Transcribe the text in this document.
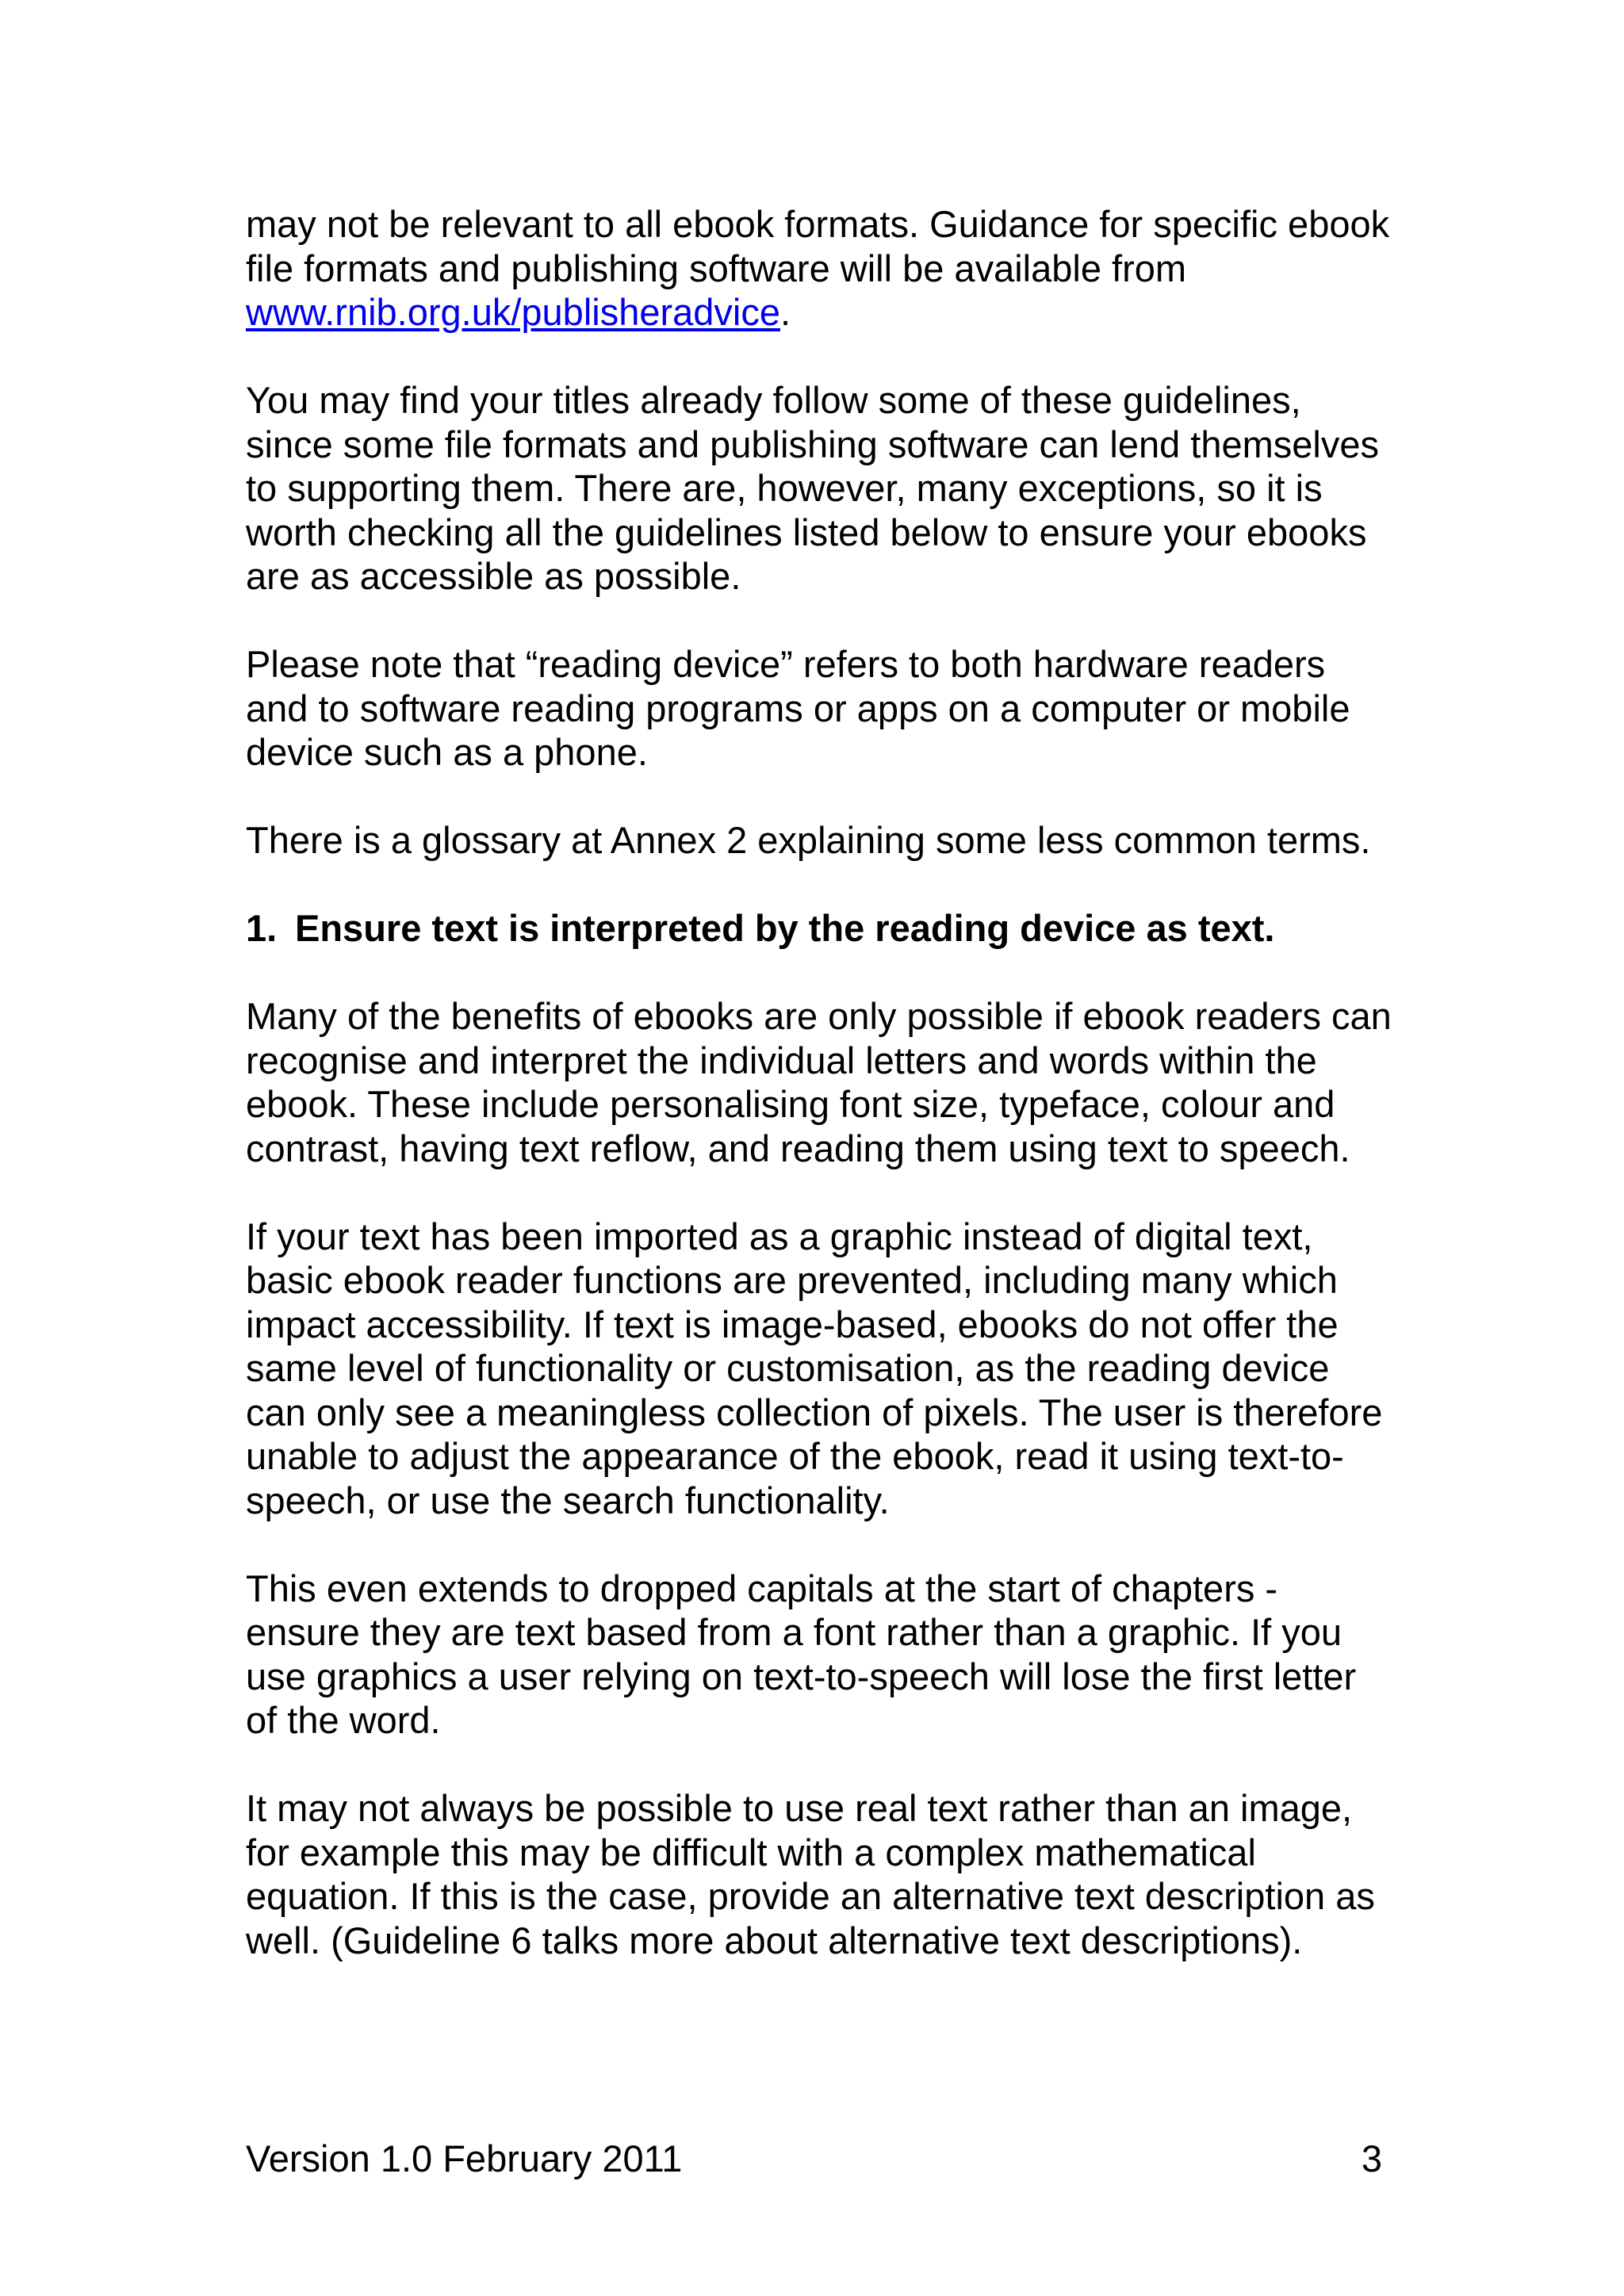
may not be relevant to all ebook formats. Guidance for specific ebook file formats and publishing software will be available from www.rnib.org.uk/publisheradvice.

You may find your titles already follow some of these guidelines, since some file formats and publishing software can lend themselves to supporting them. There are, however, many exceptions, so it is worth checking all the guidelines listed below to ensure your ebooks are as accessible as possible.

Please note that “reading device” refers to both hardware readers and to software reading programs or apps on a computer or mobile device such as a phone.

There is a glossary at Annex 2 explaining some less common terms.

1. Ensure text is interpreted by the reading device as text.

Many of the benefits of ebooks are only possible if ebook readers can recognise and interpret the individual letters and words within the ebook. These include personalising font size, typeface, colour and contrast, having text reflow, and reading them using text to speech.

If your text has been imported as a graphic instead of digital text, basic ebook reader functions are prevented, including many which impact accessibility. If text is image-based, ebooks do not offer the same level of functionality or customisation, as the reading device can only see a meaningless collection of pixels. The user is therefore unable to adjust the appearance of the ebook, read it using text-to-speech, or use the search functionality.

This even extends to dropped capitals at the start of chapters - ensure they are text based from a font rather than a graphic. If you use graphics a user relying on text-to-speech will lose the first letter of the word.

It may not always be possible to use real text rather than an image, for example this may be difficult with a complex mathematical equation. If this is the case, provide an alternative text description as well. (Guideline 6 talks more about alternative text descriptions).

Version 1.0 February 2011	3
